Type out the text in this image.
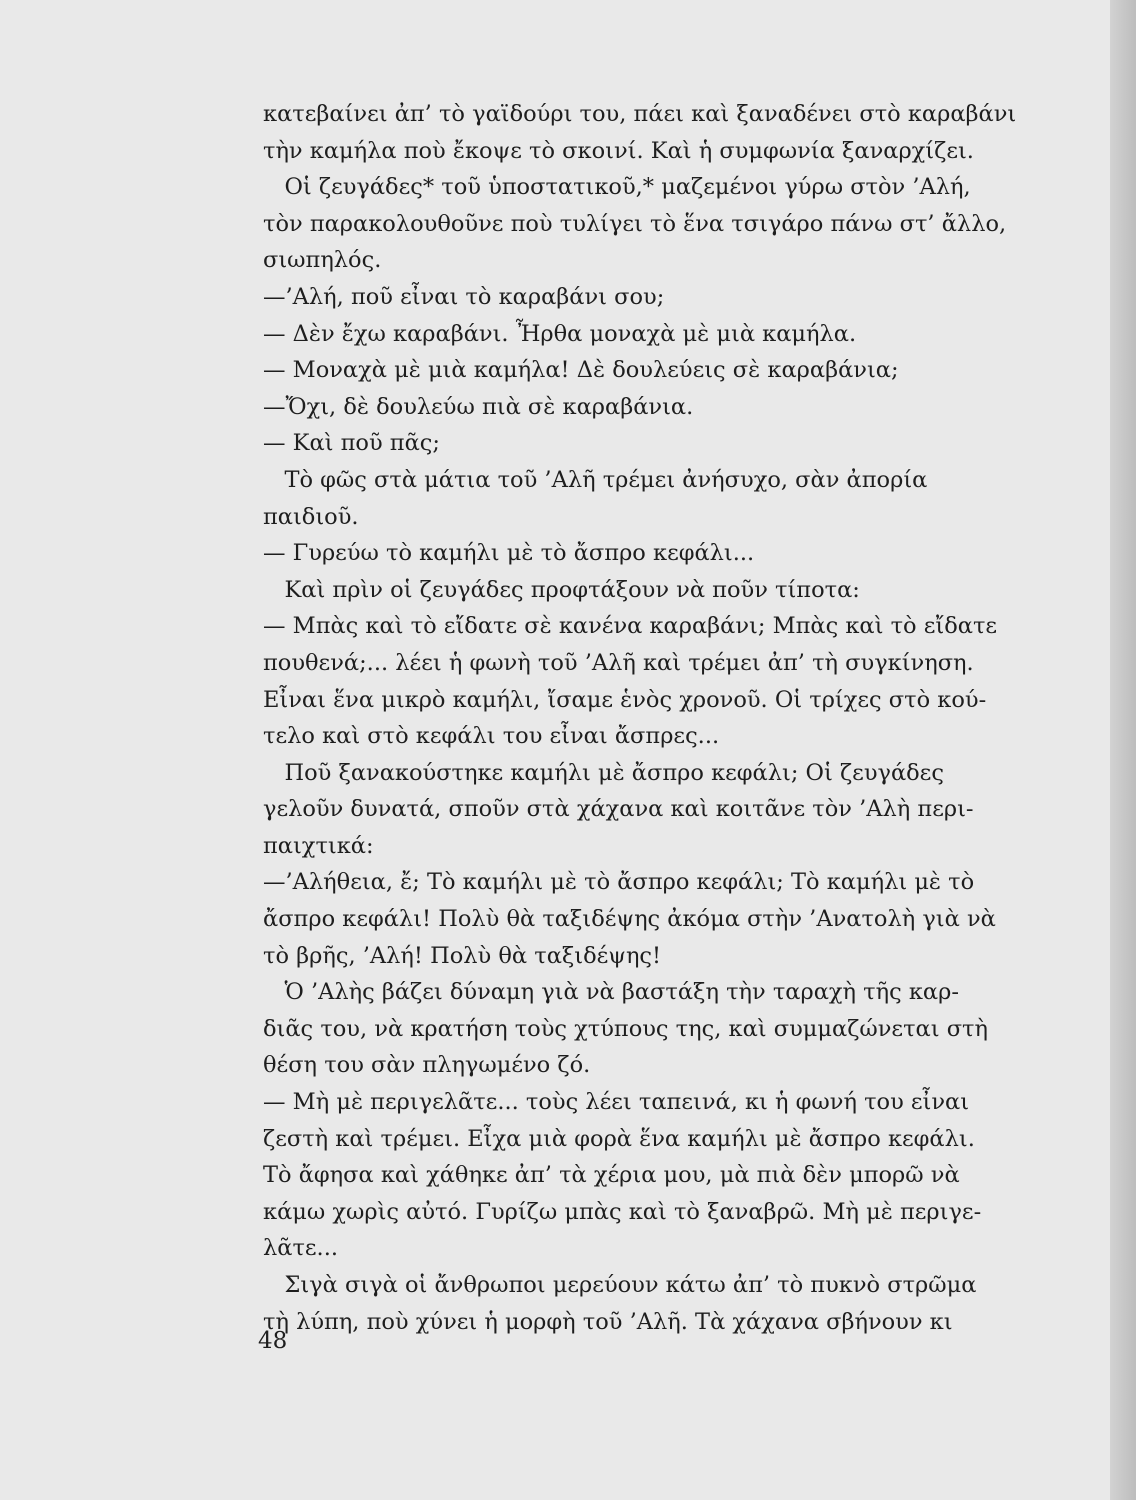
κατεβαίνει ἀπ’ τὸ γαϊδούρι του, πάει καὶ ξαναδένει στὸ καραβάνι
τὴν καμήλα ποὺ ἔκοψε τὸ σκοινί. Καὶ ἡ συμφωνία ξαναρχίζει.
Οἱ ζευγάδες* τοῦ ὑποστατικοῦ,* μαζεμένοι γύρω στὸν ’Αλή,
τὸν παρακολουθοῦνε ποὺ τυλίγει τὸ ἕνα τσιγάρο πάνω στ’ ἄλλο,
σιωπηλός.
—’Αλή, ποῦ εἶναι τὸ καραβάνι σου;
— Δὲν ἔχω καραβάνι. Ἦρθα μοναχὰ μὲ μιὰ καμήλα.
— Μοναχὰ μὲ μιὰ καμήλα! Δὲ δουλεύεις σὲ καραβάνια;
—Ὄχι, δὲ δουλεύω πιὰ σὲ καραβάνια.
— Καὶ ποῦ πᾶς;
Τὸ φῶς στὰ μάτια τοῦ ’Αλῆ τρέμει ἀνήσυχο, σὰν ἀπορία
παιδιοῦ.
— Γυρεύω τὸ καμήλι μὲ τὸ ἄσπρο κεφάλι...
Καὶ πρὶν οἱ ζευγάδες προφτάξουν νὰ ποῦν τίποτα:
— Μπὰς καὶ τὸ εἴδατε σὲ κανένα καραβάνι; Μπὰς καὶ τὸ εἴδατε
πουθενά;... λέει ἡ φωνὴ τοῦ ’Αλῆ καὶ τρέμει ἀπ’ τὴ συγκίνηση.
Εἶναι ἕνα μικρὸ καμήλι, ἴσαμε ἑνὸς χρονοῦ. Οἱ τρίχες στὸ κού-
τελο καὶ στὸ κεφάλι του εἶναι ἄσπρες...
Ποῦ ξανακούστηκε καμήλι μὲ ἄσπρο κεφάλι; Οἱ ζευγάδες
γελοῦν δυνατά, σποῦν στὰ χάχανα καὶ κοιτᾶνε τὸν ’Αλὴ περι-
παιχτικά:
—’Αλήθεια, ἔ; Τὸ καμήλι μὲ τὸ ἄσπρο κεφάλι; Τὸ καμήλι μὲ τὸ
ἄσπρο κεφάλι! Πολὺ θὰ ταξιδέψης ἀκόμα στὴν ’Ανατολὴ γιὰ νὰ
τὸ βρῆς, ’Αλή! Πολὺ θὰ ταξιδέψης!
Ὁ ’Αλὴς βάζει δύναμη γιὰ νὰ βαστάξη τὴν ταραχὴ τῆς καρ-
διᾶς του, νὰ κρατήση τοὺς χτύπους της, καὶ συμμαζώνεται στὴ
θέση του σὰν πληγωμένο ζό.
— Μὴ μὲ περιγελᾶτε... τοὺς λέει ταπεινά, κι ἡ φωνή του εἶναι
ζεστὴ καὶ τρέμει. Εἶχα μιὰ φορὰ ἕνα καμήλι μὲ ἄσπρο κεφάλι.
Τὸ ἄφησα καὶ χάθηκε ἀπ’ τὰ χέρια μου, μὰ πιὰ δὲν μπορῶ νὰ
κάμω χωρὶς αὐτό. Γυρίζω μπὰς καὶ τὸ ξαναβρῶ. Μὴ μὲ περιγε-
λᾶτε...
Σιγὰ σιγὰ οἱ ἄνθρωποι μερεύουν κάτω ἀπ’ τὸ πυκνὸ στρῶμα
τὴ λύπη, ποὺ χύνει ἡ μορφὴ τοῦ ’Αλῆ. Τὰ χάχανα σβήνουν κι
48
